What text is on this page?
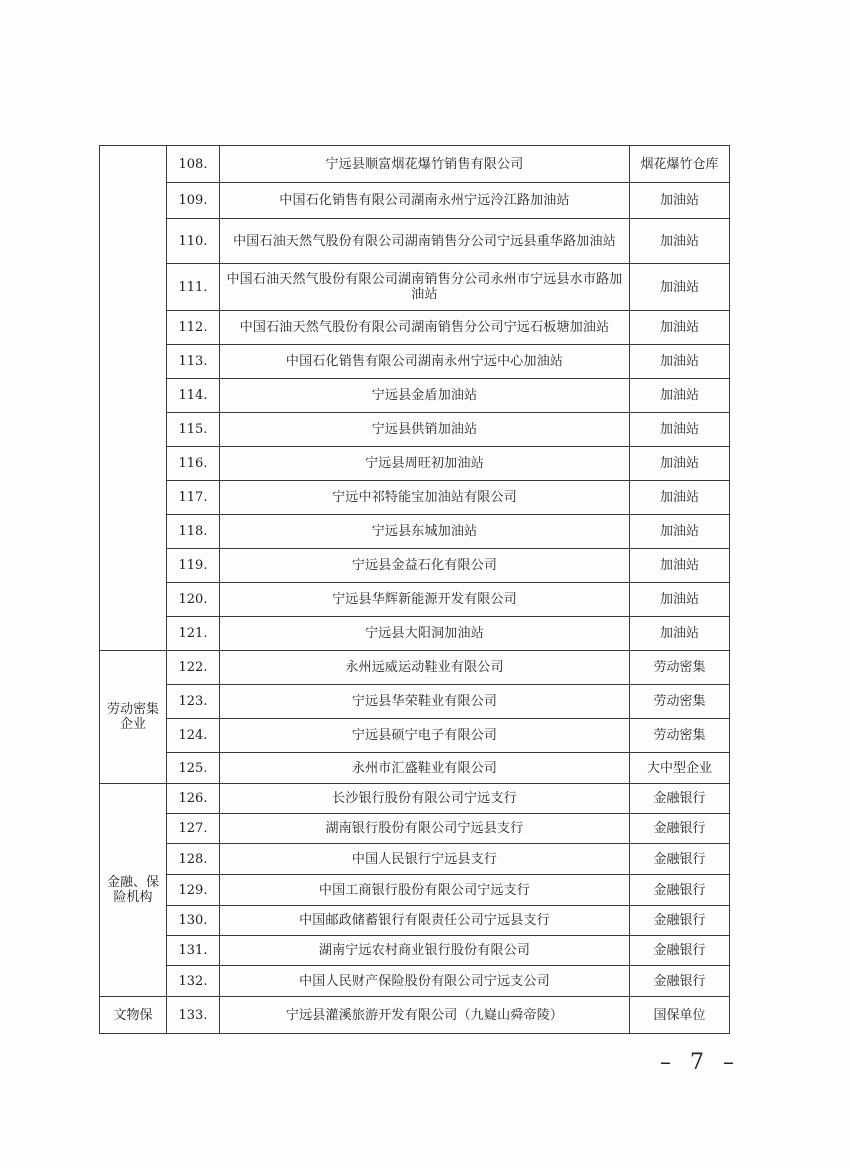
	108.	宁远县顺富烟花爆竹销售有限公司	烟花爆竹仓库
	109.	中国石化销售有限公司湖南永州宁远泠江路加油站	加油站
	110.	中国石油天然气股份有限公司湖南销售分公司宁远县重华路加油站	加油站
	111.	中国石油天然气股份有限公司湖南销售分公司永州市宁远县水市路加油站	加油站
	112.	中国石油天然气股份有限公司湖南销售分公司宁远石板塘加油站	加油站
	113.	中国石化销售有限公司湖南永州宁远中心加油站	加油站
	114.	宁远县金盾加油站	加油站
	115.	宁远县供销加油站	加油站
	116.	宁远县周旺初加油站	加油站
	117.	宁远中祁特能宝加油站有限公司	加油站
	118.	宁远县东城加油站	加油站
	119.	宁远县金益石化有限公司	加油站
	120.	宁远县华辉新能源开发有限公司	加油站
	121.	宁远县大阳洞加油站	加油站
劳动密集企业	122.	永州远威运动鞋业有限公司	劳动密集
	123.	宁远县华荣鞋业有限公司	劳动密集
	124.	宁远县硕宁电子有限公司	劳动密集
	125.	永州市汇盛鞋业有限公司	大中型企业
金融、保险机构	126.	长沙银行股份有限公司宁远支行	金融银行
	127.	湖南银行股份有限公司宁远县支行	金融银行
	128.	中国人民银行宁远县支行	金融银行
	129.	中国工商银行股份有限公司宁远支行	金融银行
	130.	中国邮政储蓄银行有限责任公司宁远县支行	金融银行
	131.	湖南宁远农村商业银行股份有限公司	金融银行
	132.	中国人民财产保险股份有限公司宁远支公司	金融银行
文物保	133.	宁远县灌溪旅游开发有限公司（九嶷山舜帝陵）	国保单位
– 7 –
